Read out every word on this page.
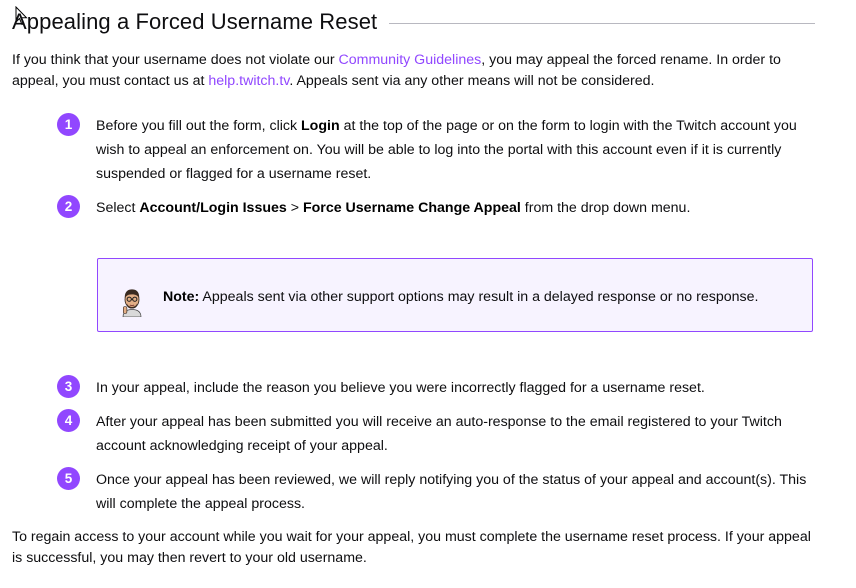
Appealing a Forced Username Reset

If you think that your username does not violate our Community Guidelines, you may appeal the forced rename. In order to appeal, you must contact us at help.twitch.tv. Appeals sent via any other means will not be considered.

1	Before you fill out the form, click Login at the top of the page or on the form to login with the Twitch account you wish to appeal an enforcement on. You will be able to log into the portal with this account even if it is currently suspended or flagged for a username reset.

2	Select Account/Login Issues > Force Username Change Appeal from the drop down menu.

Note: Appeals sent via other support options may result in a delayed response or no response.

3	In your appeal, include the reason you believe you were incorrectly flagged for a username reset.

4	After your appeal has been submitted you will receive an auto-response to the email registered to your Twitch account acknowledging receipt of your appeal.

5	Once your appeal has been reviewed, we will reply notifying you of the status of your appeal and account(s). This will complete the appeal process.

To regain access to your account while you wait for your appeal, you must complete the username reset process. If your appeal is successful, you may then revert to your old username.
